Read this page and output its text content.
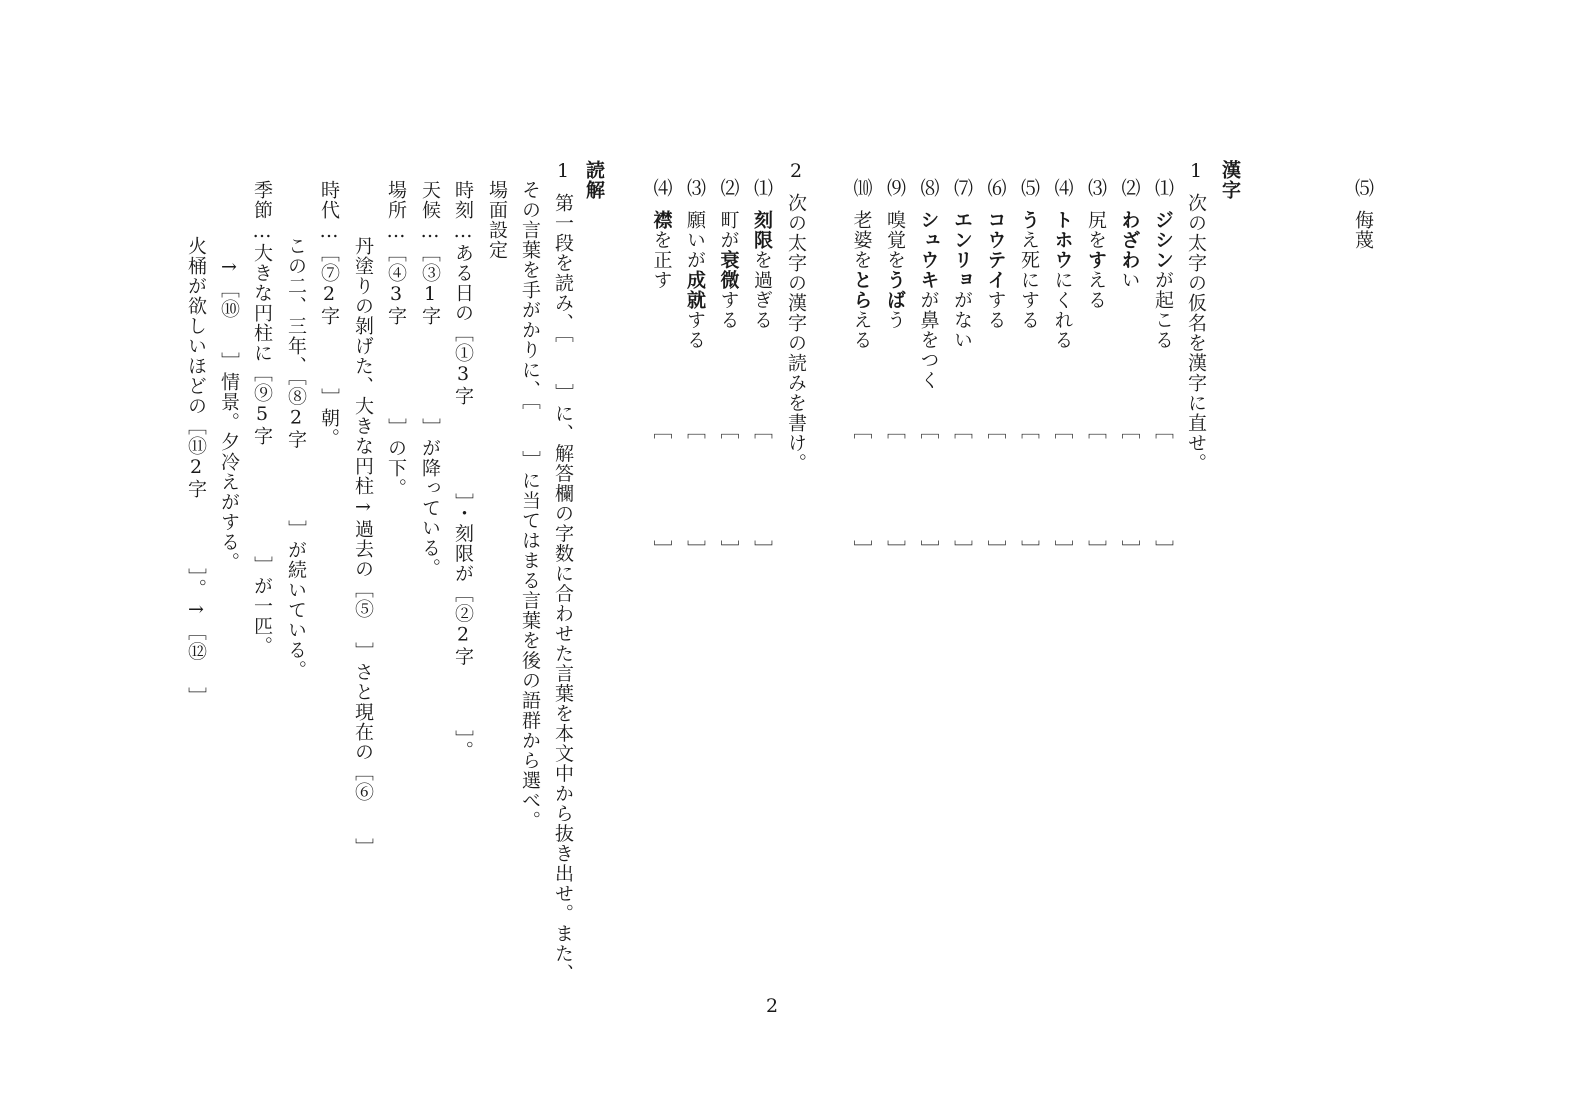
⑸侮蔑
漢字
1次の太字の仮名を漢字に直せ。
⑴ジシンが起こる
［
］
⑵わざわい
［
］
⑶尻をすえる
［
］
⑷トホウにくれる
［
］
⑸うえ死にする
［
］
⑹コウテイする
［
］
⑺エンリョがない
［
］
⑻シュウキが鼻をつく
［
］
⑼嗅覚をうばう
［
］
⑽老婆をとらえる
［
］
2次の太字の漢字の読みを書け。
⑴刻限を過ぎる
［
］
⑵町が衰微する
［
］
⑶願いが成就する
［
］
⑷襟を正す
［
］
読解
1第一段を読み、［　　］に、解答欄の字数に合わせた言葉を本文中から抜き出せ。また、
その言葉を手がかりに、［　　］に当てはまる言葉を後の語群から選べ。
場面設定
時刻…ある日の［①3字
］・刻限が［②2字
］。
天候…［③1字
］が降っている。
場所…［④3字
］の下。
丹塗りの剝げた、大きな円柱→過去の［⑤
］さと現在の［⑥
］
時代…［⑦2字
］朝。
この二、三年、［⑧2字
］が続いている。
季節…大きな円柱に［⑨5字
］が一匹。
→［⑩
］情景。夕冷えがする。
火桶が欲しいほどの［⑪2字
］。→［⑫
］
2
